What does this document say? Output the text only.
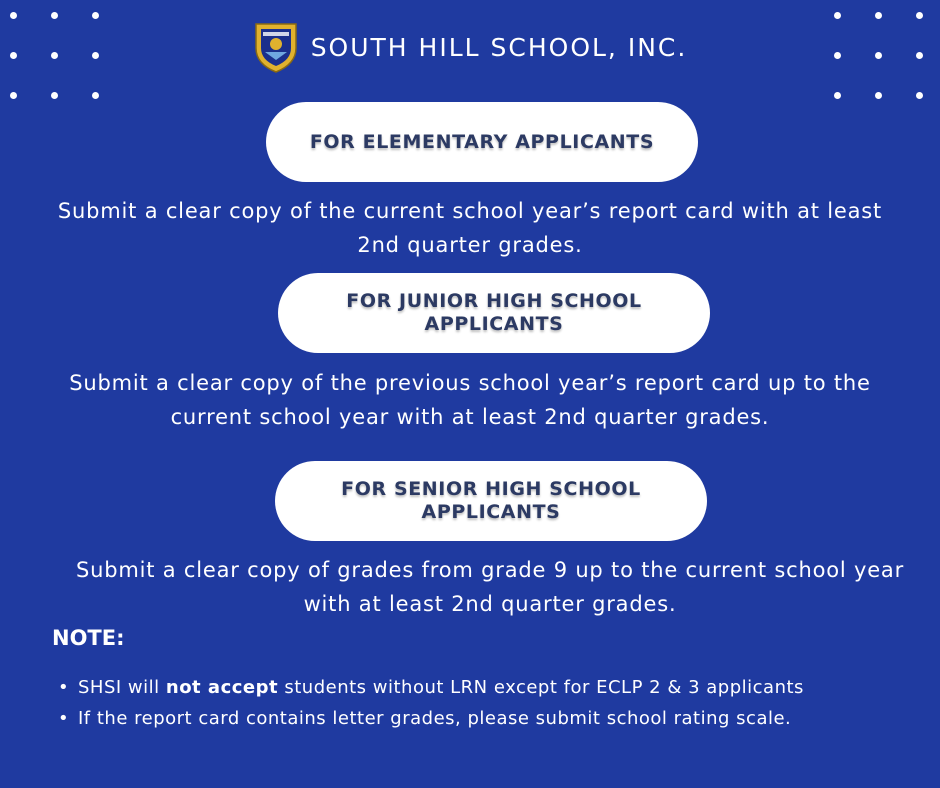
SOUTH HILL SCHOOL, INC.
FOR ELEMENTARY APPLICANTS
Submit a clear copy of the current school year’s report card with at least 2nd quarter grades.
FOR JUNIOR HIGH SCHOOL
APPLICANTS
Submit a clear copy of the previous school year’s report card up to the current school year with at least 2nd quarter grades.
FOR SENIOR HIGH SCHOOL
APPLICANTS
Submit a clear copy of grades from grade 9 up to the current school year with at least 2nd quarter grades.
NOTE:
• SHSI will not accept students without LRN except for ECLP 2 & 3 applicants
• If the report card contains letter grades, please submit school rating scale.
